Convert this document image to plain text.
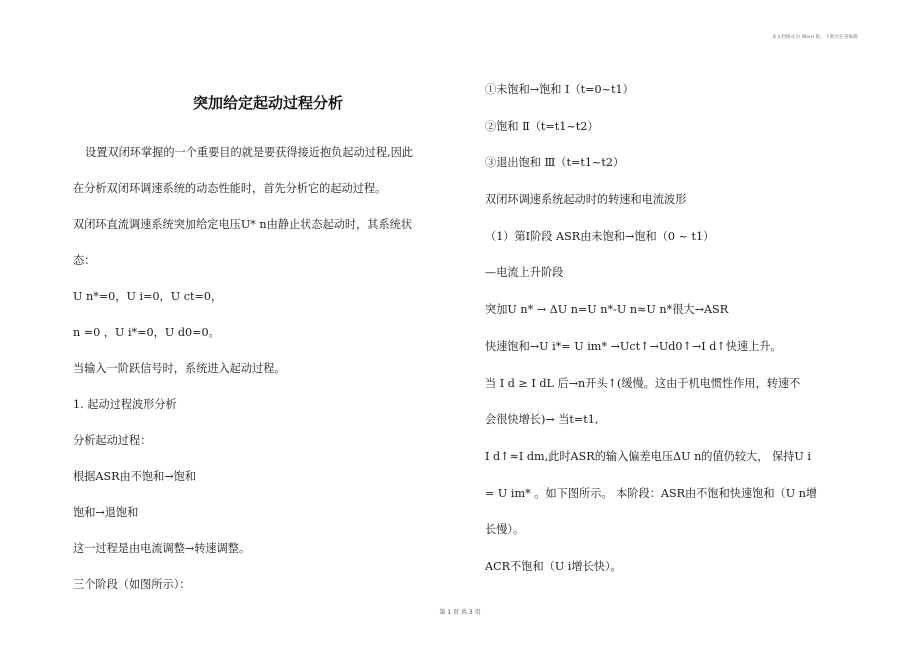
本文档格式为 Word 版，下载可任意编辑
突加给定起动过程分析
设置双闭环掌握的一个重要目的就是要获得接近抱负起动过程,因此
在分析双闭环调速系统的动态性能时，首先分析它的起动过程。
双闭环直流调速系统突加给定电压U* n由静止状态起动时，其系统状
态：
U n*=0，U i=0，U ct=0，
n =0 ，U i*=0，U d0=0。
当输入一阶跃信号时，系统进入起动过程。
1. 起动过程波形分析
分析起动过程：
根据ASR由不饱和→饱和
饱和→退饱和
这一过程是由电流调整→转速调整。
三个阶段（如图所示）：
①未饱和→饱和 Ⅰ（t=0~t1）
②饱和 Ⅱ（t=t1~t2）
③退出饱和 Ⅲ（t=t1~t2）
双闭环调速系统起动时的转速和电流波形
（1）第Ⅰ阶段 ASR由未饱和→饱和（0 ~ t1）
—电流上升阶段
突加U n* → ΔU n=U n*-U n≈U n*很大→ASR
快速饱和→U i*= U im* →Uct↑→Ud0↑→I d↑快速上升。
当 I d ≥ I dL 后→n开头↑(缓慢。这由于机电惯性作用，转速不
会很快增长)→ 当t=t1,
I d↑≈I dm,此时ASR的输入偏差电压ΔU n的值仍较大， 保持U i
= U im* 。如下图所示。 本阶段：ASR由不饱和快速饱和（U n增
长慢）。
ACR不饱和（U i增长快）。
第 1 页 共 3 页
